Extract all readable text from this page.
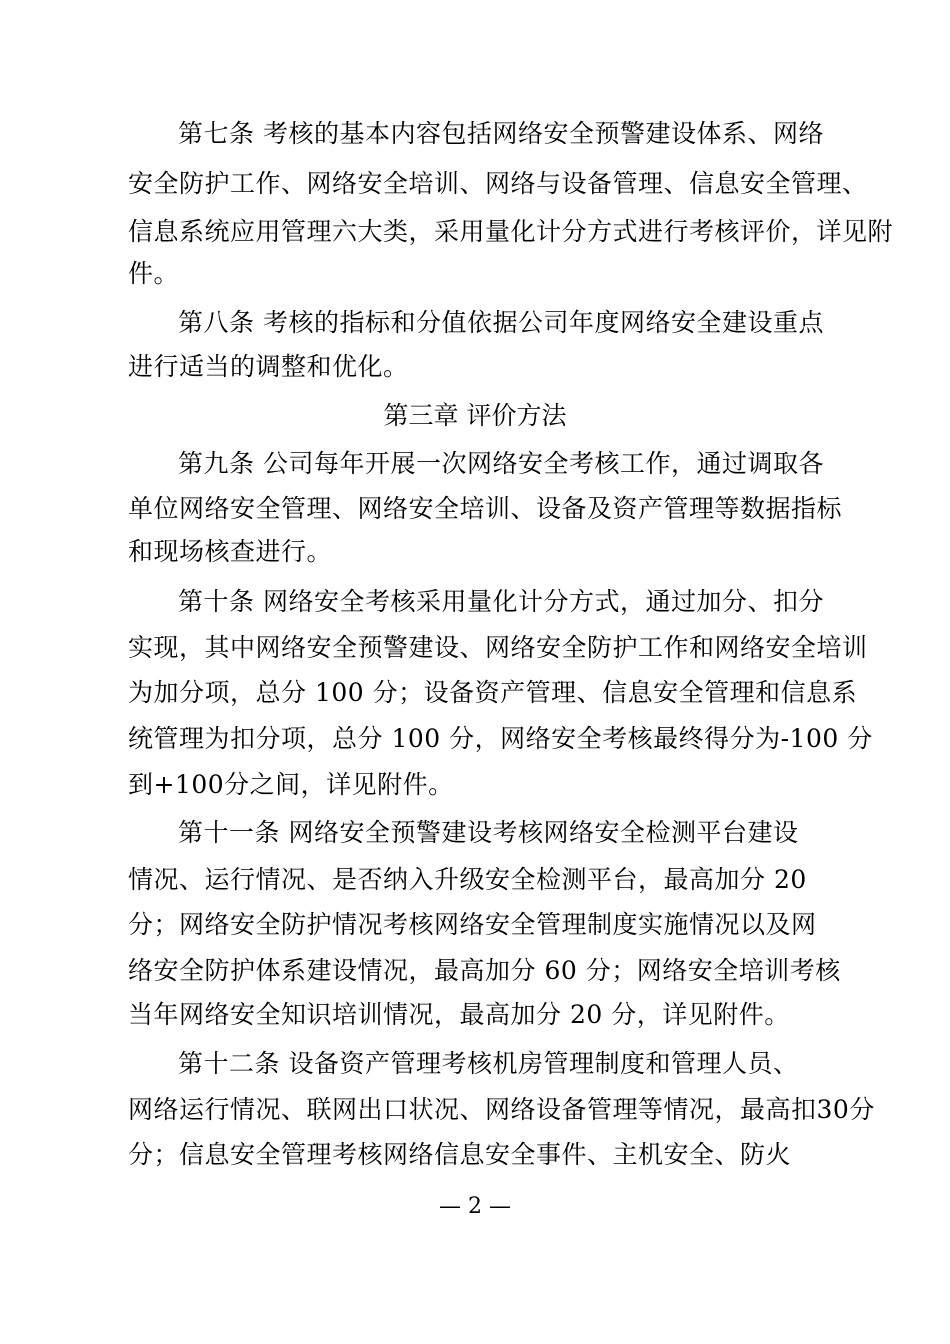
第七条 考核的基本内容包括网络安全预警建设体系、网络
安全防护工作、网络安全培训、网络与设备管理、信息安全管理、
信息系统应用管理六大类，采用量化计分方式进行考核评价，详见附
件。
第八条 考核的指标和分值依据公司年度网络安全建设重点
进行适当的调整和优化。
第三章 评价方法
第九条 公司每年开展一次网络安全考核工作，通过调取各
单位网络安全管理、网络安全培训、设备及资产管理等数据指标
和现场核查进行。
第十条 网络安全考核采用量化计分方式，通过加分、扣分
实现，其中网络安全预警建设、网络安全防护工作和网络安全培训
为加分项，总分 100 分；设备资产管理、信息安全管理和信息系
统管理为扣分项，总分 100 分，网络安全考核最终得分为-100 分
到+100分之间，详见附件。
第十一条 网络安全预警建设考核网络安全检测平台建设
情况、运行情况、是否纳入升级安全检测平台，最高加分 20
分；网络安全防护情况考核网络安全管理制度实施情况以及网
络安全防护体系建设情况，最高加分 60 分；网络安全培训考核
当年网络安全知识培训情况，最高加分 20 分，详见附件。
第十二条 设备资产管理考核机房管理制度和管理人员、
网络运行情况、联网出口状况、网络设备管理等情况，最高扣30分
分；信息安全管理考核网络信息安全事件、主机安全、防火
— 2 —
